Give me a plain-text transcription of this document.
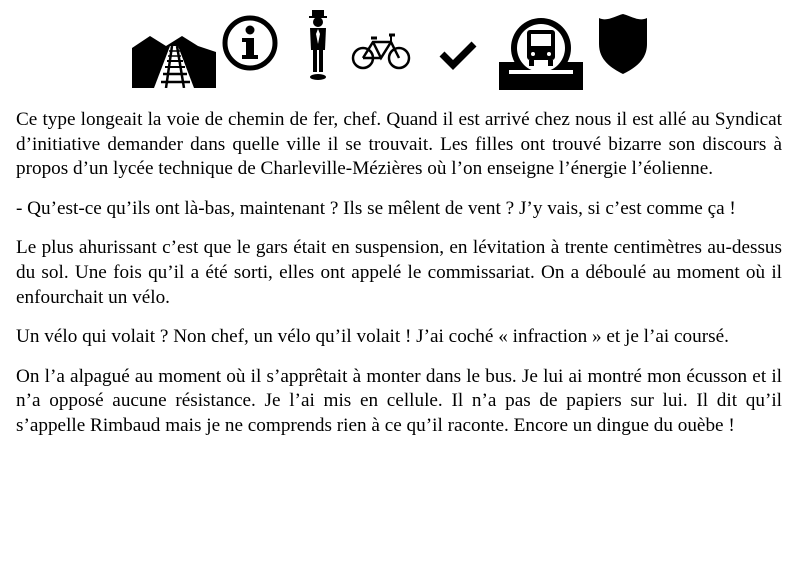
Ce type longeait la voie de chemin de fer, chef. Quand il est arrivé chez nous il est allé au Syndicat d’initiative demander dans quelle ville il se trouvait. Les filles ont trouvé bizarre son discours à propos d’un lycée technique de Charleville-Mézières où l’on enseigne l’énergie l’éolienne.

- Qu’est-ce qu’ils ont là-bas, maintenant ? Ils se mêlent de vent ? J’y vais, si c’est comme ça !

Le plus ahurissant c’est que le gars était en suspension, en lévitation à trente centimètres au-dessus du sol. Une fois qu’il a été sorti, elles ont appelé le commissariat. On a déboulé au moment où il enfourchait un vélo.

Un vélo qui volait ? Non chef, un vélo qu’il volait ! J’ai coché « infraction » et je l’ai coursé.

On l’a alpagué au moment où il s’apprêtait à monter dans le bus. Je lui ai montré mon écusson et il n’a opposé aucune résistance. Je l’ai mis en cellule. Il n’a pas de papiers sur lui. Il dit qu’il s’appelle Rimbaud mais je ne comprends rien à ce qu’il raconte. Encore un dingue du ouèbe !
